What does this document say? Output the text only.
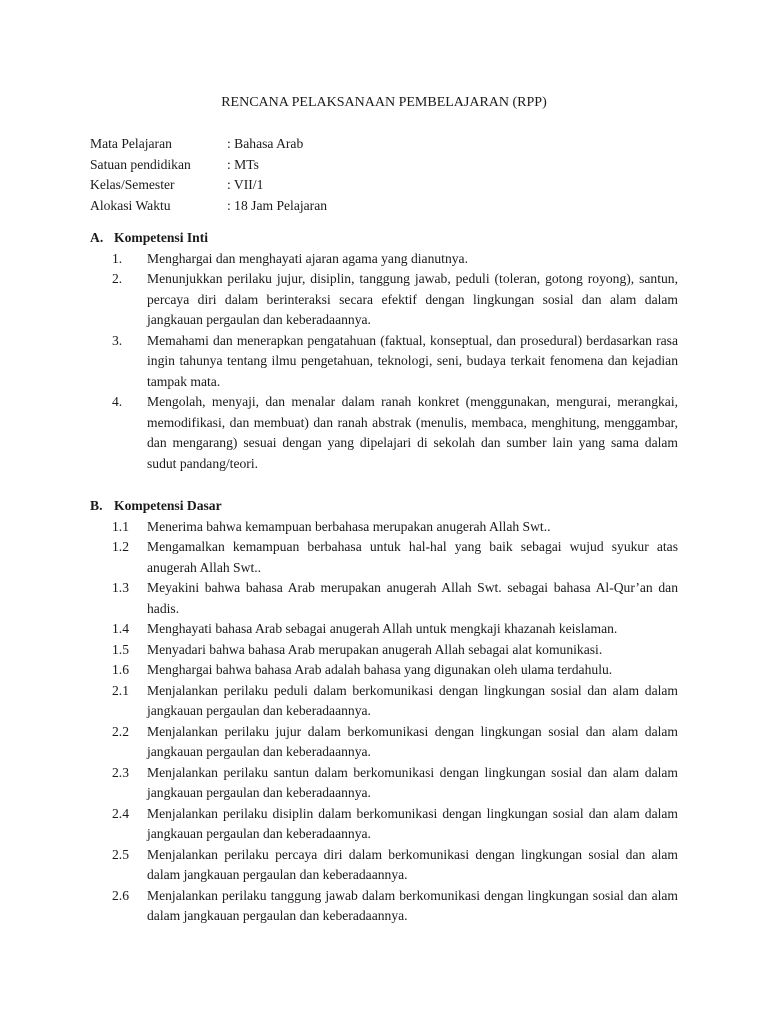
RENCANA PELAKSANAAN PEMBELAJARAN (RPP)
Mata Pelajaran	: Bahasa Arab
Satuan pendidikan	: MTs
Kelas/Semester	: VII/1
Alokasi Waktu	: 18 Jam Pelajaran
A. Kompetensi Inti
1. Menghargai dan menghayati ajaran agama yang dianutnya.
2. Menunjukkan perilaku jujur, disiplin, tanggung jawab, peduli (toleran, gotong royong), santun, percaya diri dalam berinteraksi secara efektif dengan lingkungan sosial dan alam dalam jangkauan pergaulan dan keberadaannya.
3. Memahami dan menerapkan pengatahuan (faktual, konseptual, dan prosedural) berdasarkan rasa ingin tahunya tentang ilmu pengetahuan, teknologi, seni, budaya terkait fenomena dan kejadian tampak mata.
4. Mengolah, menyaji, dan menalar dalam ranah konkret (menggunakan, mengurai, merangkai, memodifikasi, dan membuat) dan ranah abstrak (menulis, membaca, menghitung, menggambar, dan mengarang) sesuai dengan yang dipelajari di sekolah dan sumber lain yang sama dalam sudut pandang/teori.
B. Kompetensi Dasar
1.1 Menerima bahwa kemampuan berbahasa merupakan anugerah Allah Swt..
1.2 Mengamalkan kemampuan berbahasa untuk hal-hal yang baik sebagai wujud syukur atas anugerah Allah Swt..
1.3 Meyakini bahwa bahasa Arab merupakan anugerah Allah Swt. sebagai bahasa Al-Qur’an dan hadis.
1.4 Menghayati bahasa Arab sebagai anugerah Allah untuk mengkaji khazanah keislaman.
1.5 Menyadari bahwa bahasa Arab merupakan anugerah Allah sebagai alat komunikasi.
1.6 Menghargai bahwa bahasa Arab adalah bahasa yang digunakan oleh ulama terdahulu.
2.1 Menjalankan perilaku peduli dalam berkomunikasi dengan lingkungan sosial dan alam dalam jangkauan pergaulan dan keberadaannya.
2.2 Menjalankan perilaku jujur dalam berkomunikasi dengan lingkungan sosial dan alam dalam jangkauan pergaulan dan keberadaannya.
2.3 Menjalankan perilaku santun dalam berkomunikasi dengan lingkungan sosial dan alam dalam jangkauan pergaulan dan keberadaannya.
2.4 Menjalankan perilaku disiplin dalam berkomunikasi dengan lingkungan sosial dan alam dalam jangkauan pergaulan dan keberadaannya.
2.5 Menjalankan perilaku percaya diri dalam berkomunikasi dengan lingkungan sosial dan alam dalam jangkauan pergaulan dan keberadaannya.
2.6 Menjalankan perilaku tanggung jawab dalam berkomunikasi dengan lingkungan sosial dan alam dalam jangkauan pergaulan dan keberadaannya.
